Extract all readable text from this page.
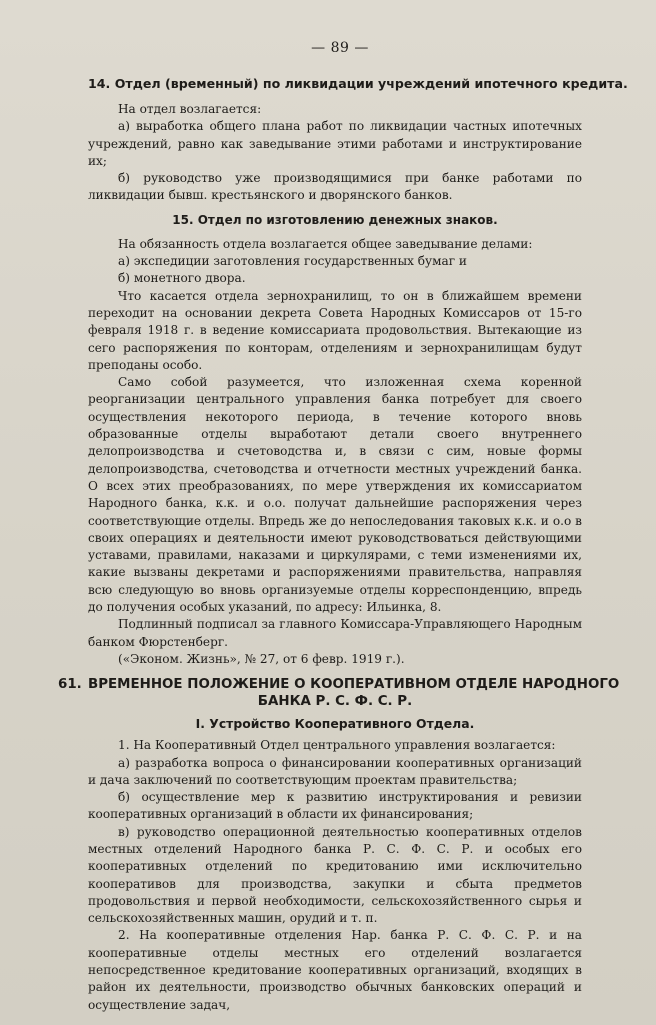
— 89 —
14. Отдел (временный) по ликвидации учреждений ипотечного кредита.

На отдел возлагается:

а) выработка общего плана работ по ликвидации частных ипотечных учреждений, равно как заведывание этими работами и инструктирование их;

б) руководство уже производящимися при банке работами по ликвидации бывш. крестьянского и дворянского банков.

15. Отдел по изготовлению денежных знаков.

На обязанность отдела возлагается общее заведывание делами:

а) экспедиции заготовления государственных бумаг и

б) монетного двора.

Что касается отдела зернохранилищ, то он в ближайшем времени переходит на основании декрета Совета Народных Комиссаров от 15-го февраля 1918 г. в ведение комиссариата продовольствия. Вытекающие из сего распоряжения по конторам, отделениям и зернохранилищам будут преподаны особо.

Само собой разумеется, что изложенная схема коренной реорганизации центрального управления банка потребует для своего осуществления некоторого периода, в течение которого вновь образованные отделы выработают детали своего внутреннего делопроизводства и счетоводства и, в связи с сим, новые формы делопроизводства, счетоводства и отчетности местных учреждений банка. О всех этих преобразованиях, по мере утверждения их комиссариатом Народного банка, к.к. и о.о. получат дальнейшие распоряжения через соответствующие отделы. Впредь же до непоследования таковых к.к. и о.о в своих операциях и деятельности имеют руководствоваться действующими уставами, правилами, наказами и циркулярами, с теми изменениями их, какие вызваны декретами и распоряжениями правительства, направляя всю следующую во вновь организуемые отделы корреспонденцию, впредь до получения особых указаний, по адресу: Ильинка, 8.

Подлинный подписал за главного Комиссара-Управляющего Народным банком Фюрстенберг.

(«Эконом. Жизнь», № 27, от 6 февр. 1919 г.).

61. ВРЕМЕННОЕ ПОЛОЖЕНИЕ О КООПЕРАТИВНОМ ОТДЕЛЕ НАРОДНОГО
БАНКА Р. С. Ф. С. Р.
I. Устройство Кооперативного Отдела.

1. На Кооперативный Отдел центрального управления возлагается:

а) разработка вопроса о финансировании кооперативных организаций и дача заключений по соответствующим проектам правительства;

б) осуществление мер к развитию инструктирования и ревизии кооперативных организаций в области их финансирования;

в) руководство операционной деятельностью кооперативных отделов местных отделений Народного банка Р. С. Ф. С. Р. и особых его кооперативных отделений по кредитованию ими исключительно кооперативов для производства, закупки и сбыта предметов продовольствия и первой необходимости, сельскохозяйственного сырья и сельскохозяйственных машин, орудий и т. п.

2. На кооперативные отделения Нар. банка Р. С. Ф. С. Р. и на кооперативные отделы местных его отделений возлагается непосредственное кредитование кооперативных организаций, входящих в район их деятельности, производство обычных банковских операций и осуществление задач,
